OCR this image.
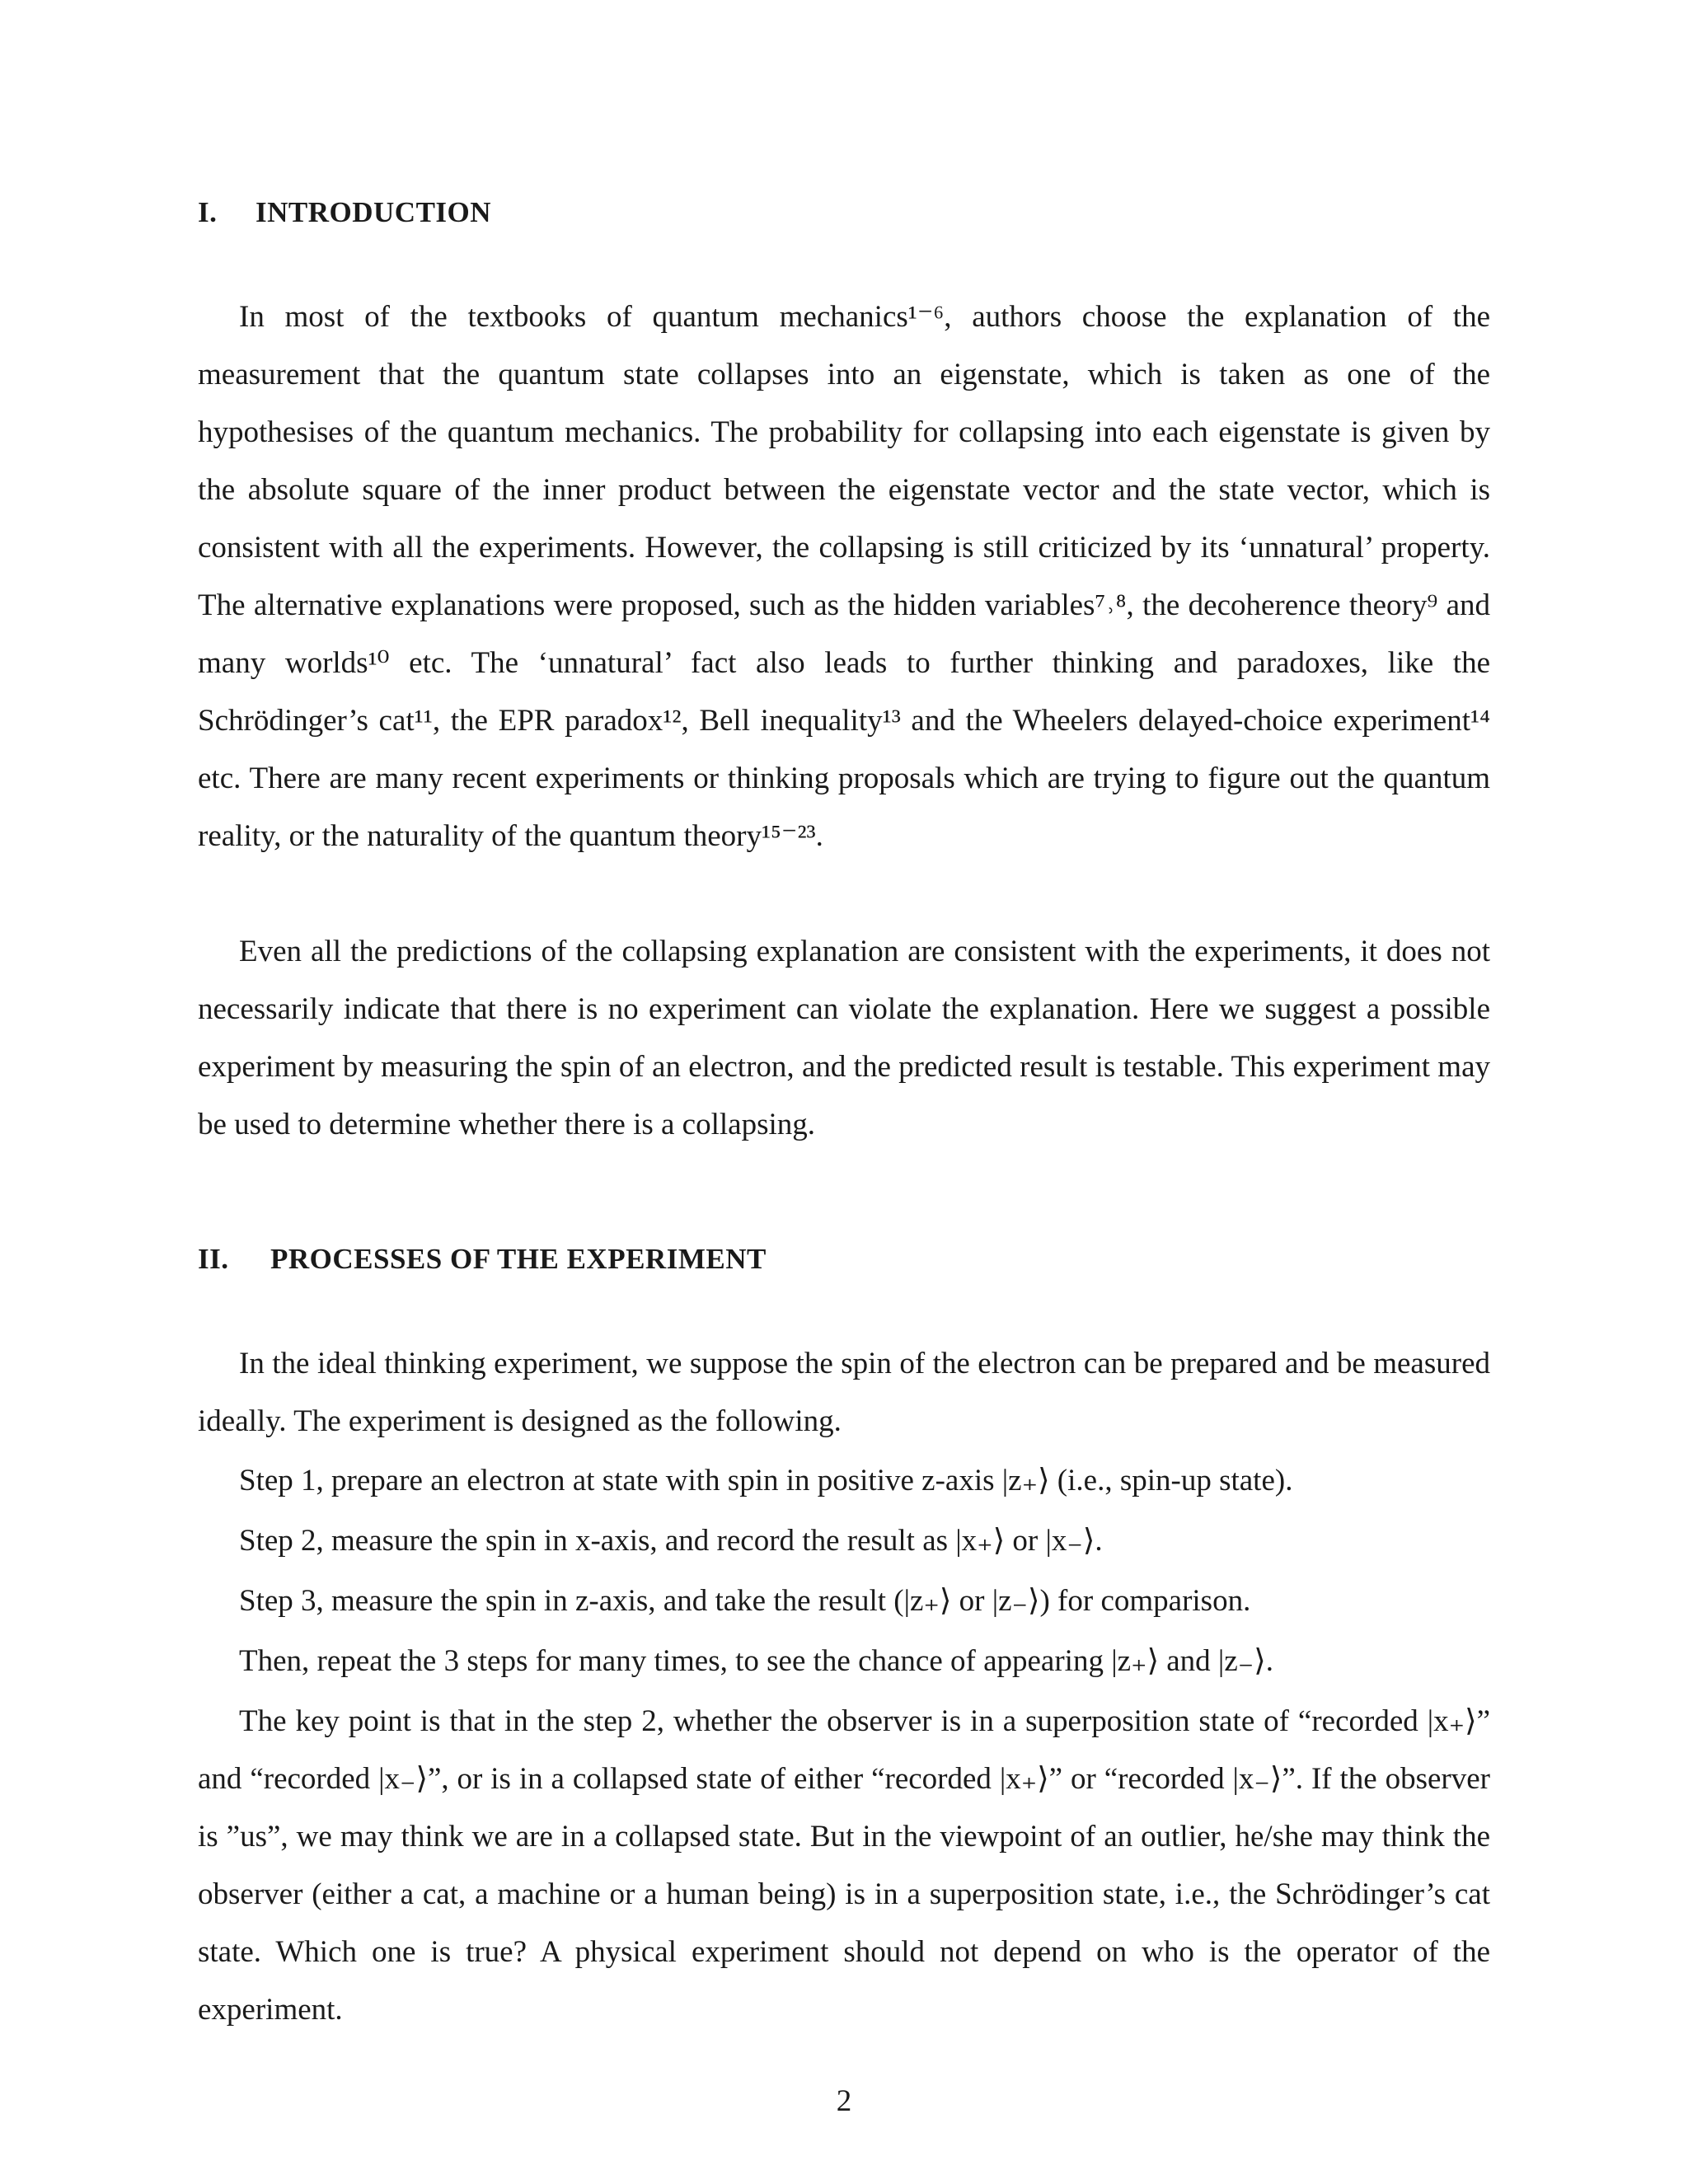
I. INTRODUCTION

In most of the textbooks of quantum mechanics¹⁻⁶, authors choose the explanation of the measurement that the quantum state collapses into an eigenstate, which is taken as one of the hypothesises of the quantum mechanics. The probability for collapsing into each eigenstate is given by the absolute square of the inner product between the eigenstate vector and the state vector, which is consistent with all the experiments. However, the collapsing is still criticized by its ‘unnatural’ property. The alternative explanations were proposed, such as the hidden variables⁷˒⁸, the decoherence theory⁹ and many worlds¹⁰ etc. The ‘unnatural’ fact also leads to further thinking and paradoxes, like the Schrödinger’s cat¹¹, the EPR paradox¹², Bell inequality¹³ and the Wheelers delayed-choice experiment¹⁴ etc. There are many recent experiments or thinking proposals which are trying to figure out the quantum reality, or the naturality of the quantum theory¹⁵⁻²³.

Even all the predictions of the collapsing explanation are consistent with the experiments, it does not necessarily indicate that there is no experiment can violate the explanation. Here we suggest a possible experiment by measuring the spin of an electron, and the predicted result is testable. This experiment may be used to determine whether there is a collapsing.

II. PROCESSES OF THE EXPERIMENT

In the ideal thinking experiment, we suppose the spin of the electron can be prepared and be measured ideally. The experiment is designed as the following.

Step 1, prepare an electron at state with spin in positive z-axis |z₊⟩ (i.e., spin-up state).

Step 2, measure the spin in x-axis, and record the result as |x₊⟩ or |x₋⟩.

Step 3, measure the spin in z-axis, and take the result (|z₊⟩ or |z₋⟩) for comparison.

Then, repeat the 3 steps for many times, to see the chance of appearing |z₊⟩ and |z₋⟩.

The key point is that in the step 2, whether the observer is in a superposition state of “recorded |x₊⟩” and “recorded |x₋⟩”, or is in a collapsed state of either “recorded |x₊⟩” or “recorded |x₋⟩”. If the observer is ”us”, we may think we are in a collapsed state. But in the viewpoint of an outlier, he/she may think the observer (either a cat, a machine or a human being) is in a superposition state, i.e., the Schrödinger’s cat state. Which one is true? A physical experiment should not depend on who is the operator of the experiment.

2
